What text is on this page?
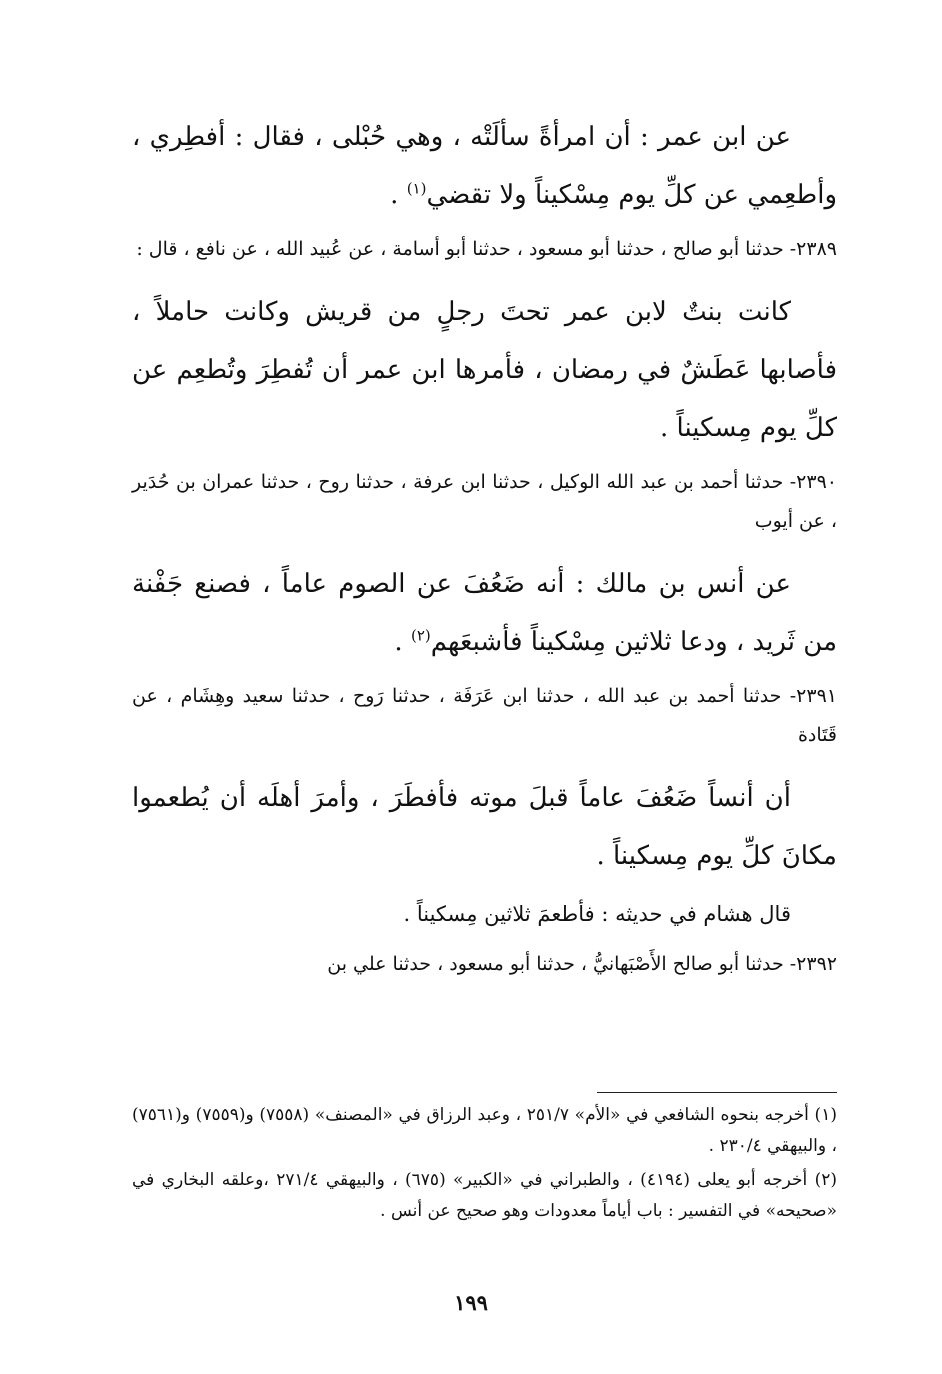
عن ابن عمر : أن امرأةً سألَتْه ، وهي حُبْلى ، فقال : أفطِري ، وأطعِمي عن كلِّ يوم مِسْكيناً ولا تقضي$^{(١)}$ .

٢٣٨٩- حدثنا أبو صالح ، حدثنا أبو مسعود ، حدثنا أبو أسامة ، عن عُبيد الله ، عن نافع ، قال :

كانت بنتٌ لابن عمر تحتَ رجلٍ من قريش وكانت حاملاً ، فأصابها عَطَشٌ في رمضان ، فأمرها ابن عمر أن تُفطِرَ وتُطعِم عن كلِّ يوم مِسكيناً .

٢٣٩٠- حدثنا أحمد بن عبد الله الوكيل ، حدثنا ابن عرفة ، حدثنا روح ، حدثنا عمران بن حُدَير ، عن أيوب

عن أنس بن مالك : أنه ضَعُفَ عن الصوم عاماً ، فصنع جَفْنة من ثَريد ، ودعا ثلاثين مِسْكيناً فأشبعَهم$^{(٢)}$ .

٢٣٩١- حدثنا أحمد بن عبد الله ، حدثنا ابن عَرَفَة ، حدثنا رَوح ، حدثنا سعيد وهِشَام ، عن قَتَادة

أن أنساً ضَعُفَ عاماً قبلَ موته فأفطَرَ ، وأمرَ أهلَه أن يُطعموا مكانَ كلِّ يوم مِسكيناً .

قال هشام في حديثه : فأطعمَ ثلاثين مِسكيناً .

٢٣٩٢- حدثنا أبو صالح الأَصْبَهانيُّ ، حدثنا أبو مسعود ، حدثنا علي بن

(١) أخرجه بنحوه الشافعي في «الأم» ٢٥١/٧ ، وعبد الرزاق في «المصنف» (٧٥٥٨) و(٧٥٥٩) و(٧٥٦١) ، والبيهقي ٢٣٠/٤ .

(٢) أخرجه أبو يعلى (٤١٩٤) ، والطبراني في «الكبير» (٦٧٥) ، والبيهقي ٢٧١/٤ ،وعلقه البخاري في «صحيحه» في التفسير : باب أياماً معدودات وهو صحيح عن أنس .

١٩٩
